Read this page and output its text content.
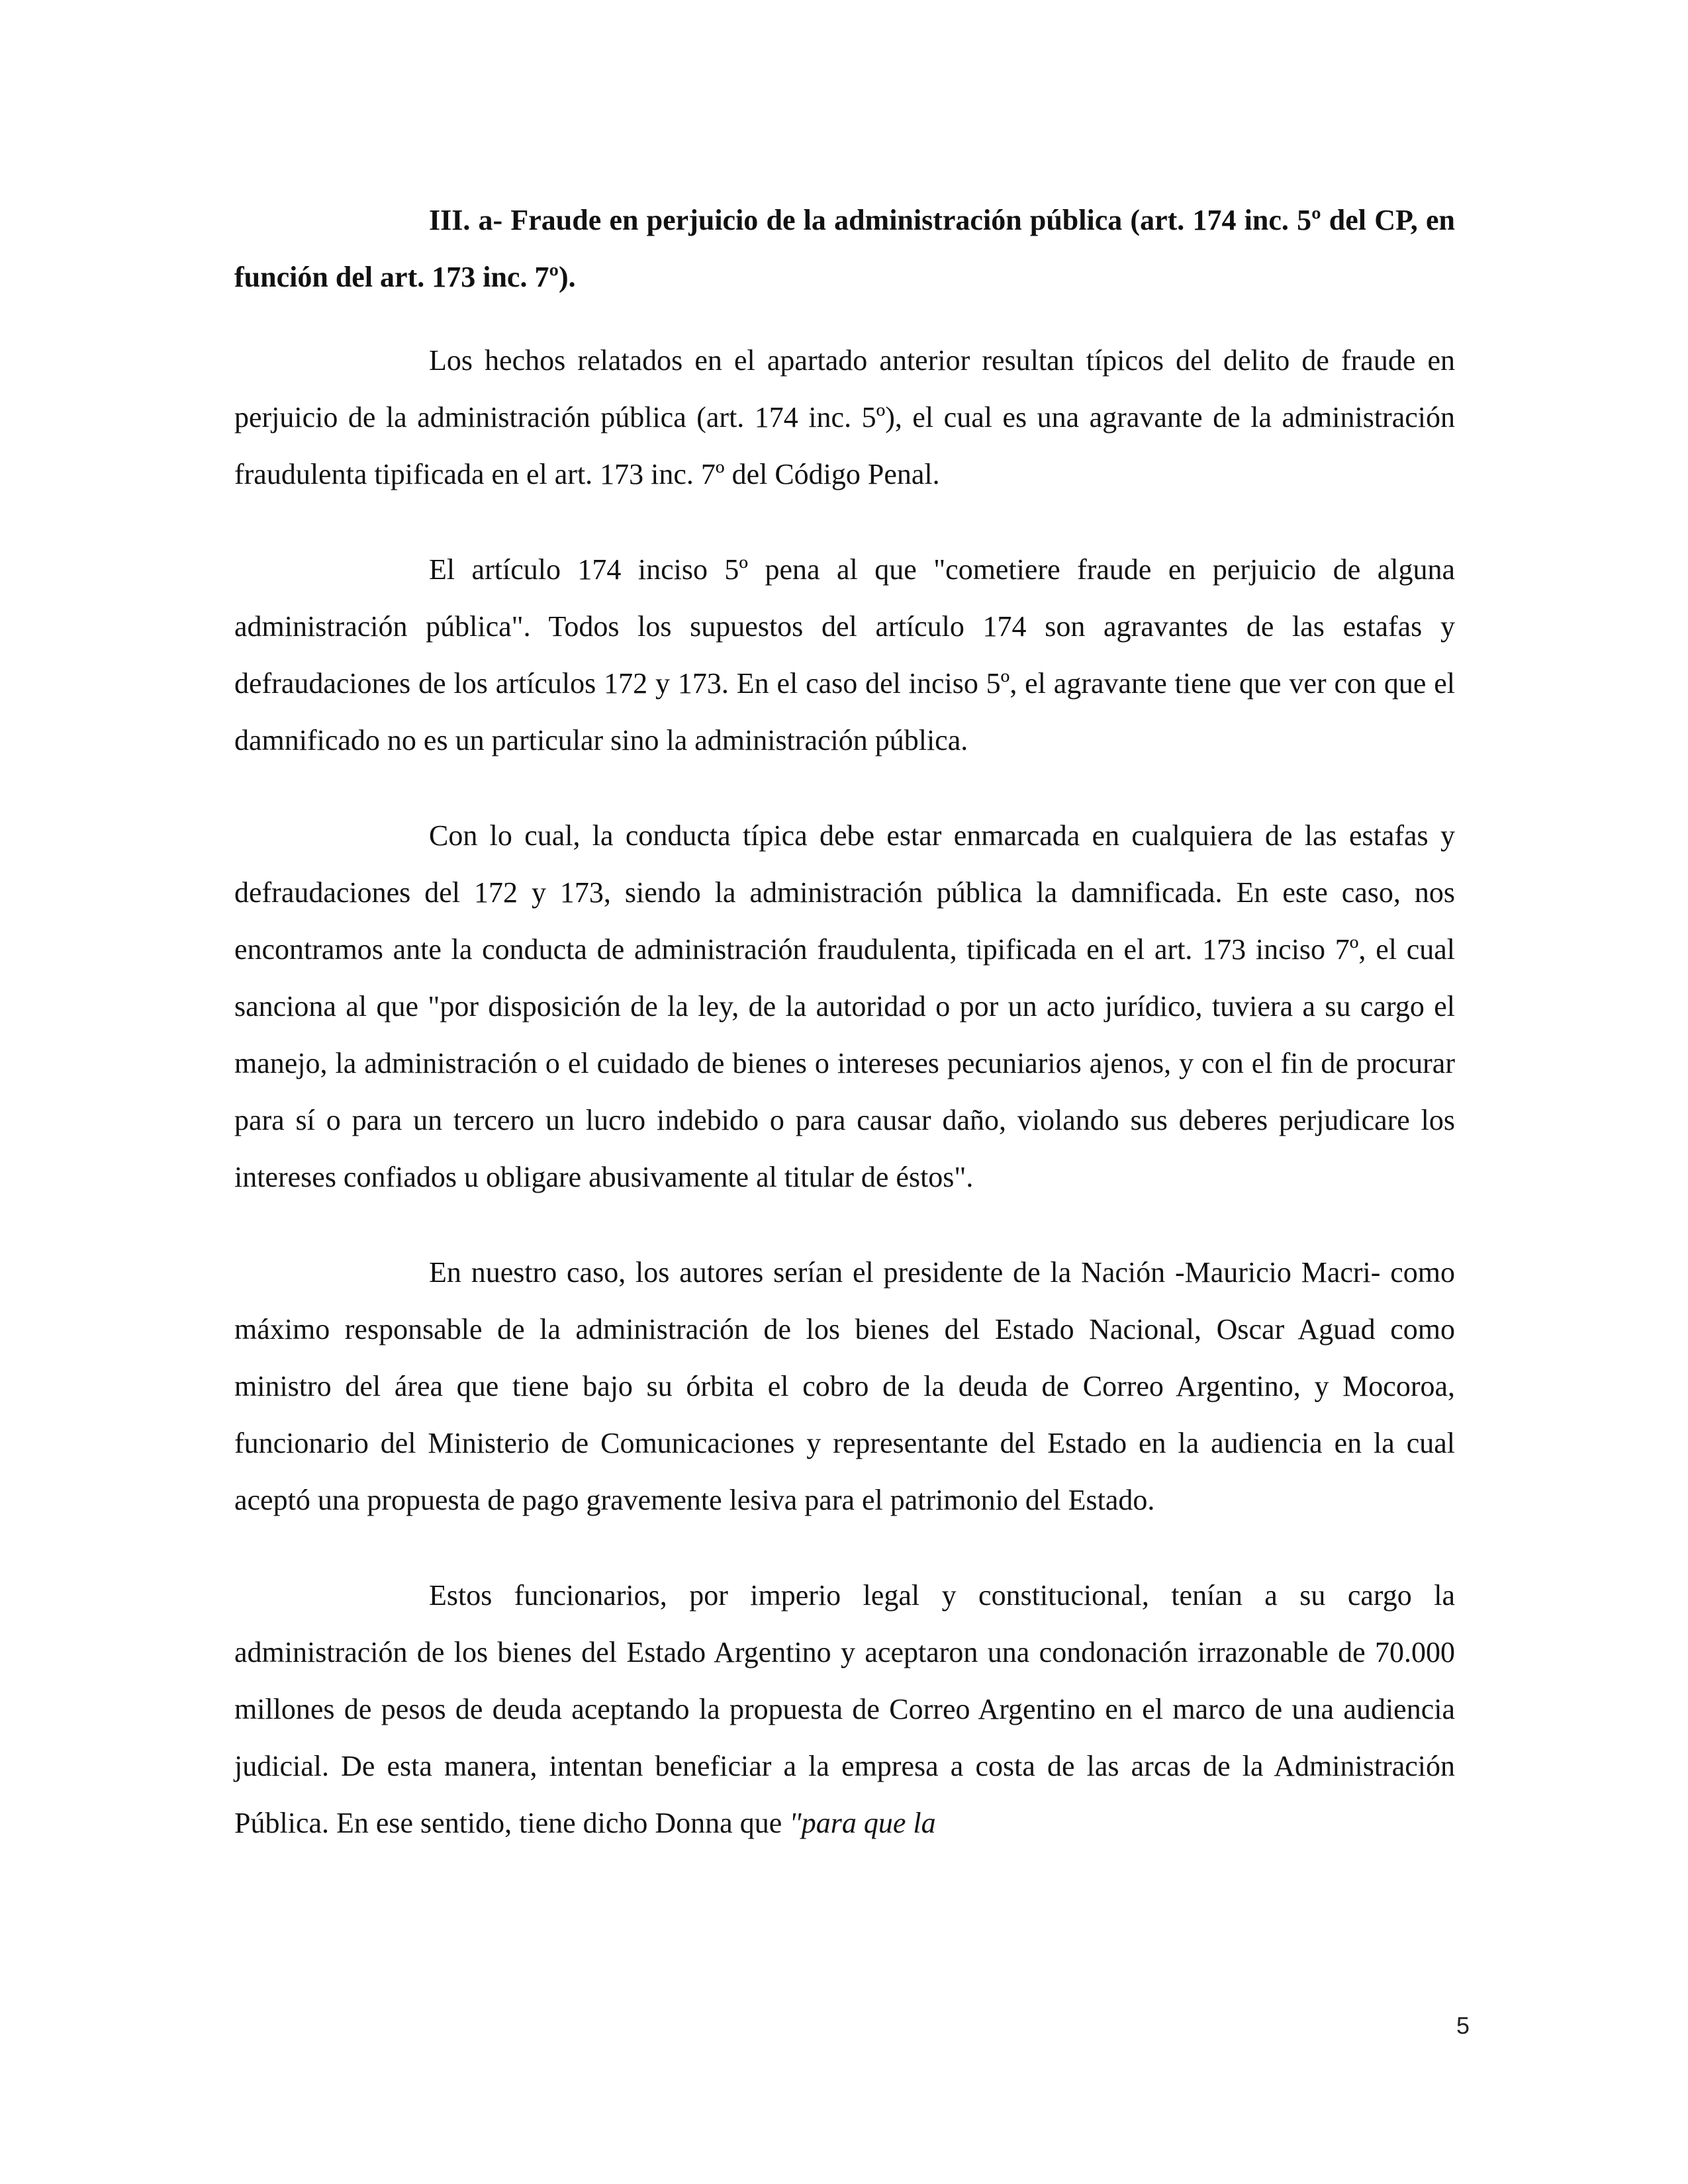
III. a- Fraude en perjuicio de la administración pública (art. 174 inc. 5º del CP, en función del art. 173 inc. 7º).

Los hechos relatados en el apartado anterior resultan típicos del delito de fraude en perjuicio de la administración pública (art. 174 inc. 5º), el cual es una agravante de la administración fraudulenta tipificada en el art. 173 inc. 7º del Código Penal.

El artículo 174 inciso 5º pena al que "cometiere fraude en perjuicio de alguna administración pública". Todos los supuestos del artículo 174 son agravantes de las estafas y defraudaciones de los artículos 172 y 173. En el caso del inciso 5º, el agravante tiene que ver con que el damnificado no es un particular sino la administración pública.

Con lo cual, la conducta típica debe estar enmarcada en cualquiera de las estafas y defraudaciones del 172 y 173, siendo la administración pública la damnificada. En este caso, nos encontramos ante la conducta de administración fraudulenta, tipificada en el art. 173 inciso 7º, el cual sanciona al que "por disposición de la ley, de la autoridad o por un acto jurídico, tuviera a su cargo el manejo, la administración o el cuidado de bienes o intereses pecuniarios ajenos, y con el fin de procurar para sí o para un tercero un lucro indebido o para causar daño, violando sus deberes perjudicare los intereses confiados u obligare abusivamente al titular de éstos".

En nuestro caso, los autores serían el presidente de la Nación -Mauricio Macri- como máximo responsable de la administración de los bienes del Estado Nacional, Oscar Aguad como ministro del área que tiene bajo su órbita el cobro de la deuda de Correo Argentino, y Mocoroa, funcionario del Ministerio de Comunicaciones y representante del Estado en la audiencia en la cual aceptó una propuesta de pago gravemente lesiva para el patrimonio del Estado.

Estos funcionarios, por imperio legal y constitucional, tenían a su cargo la administración de los bienes del Estado Argentino y aceptaron una condonación irrazonable de 70.000 millones de pesos de deuda aceptando la propuesta de Correo Argentino en el marco de una audiencia judicial. De esta manera, intentan beneficiar a la empresa a costa de las arcas de la Administración Pública. En ese sentido, tiene dicho Donna que "para que la

5
